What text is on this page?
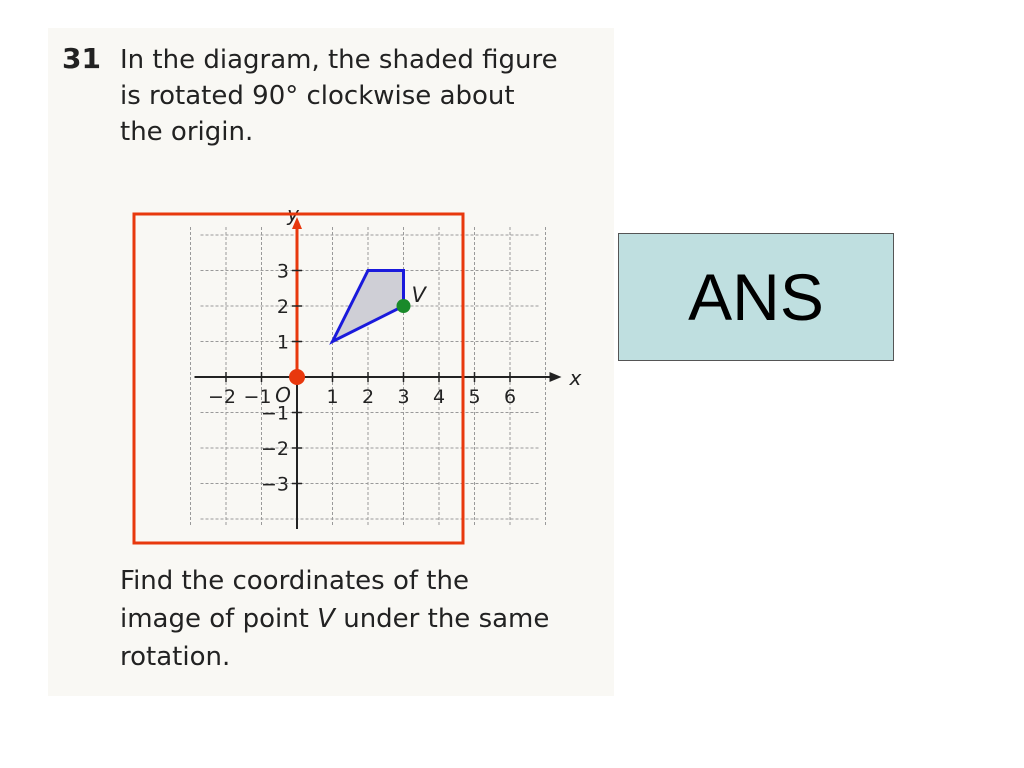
31 In the diagram, the shaded figure
is rotated 90° clockwise about
the origin.
−2 −1	1 2 3 4 5 6
3
2
1
−1
−2
−3
x
y
O
V
Find the coordinates of the
image of point V under the same
rotation.
ANS
